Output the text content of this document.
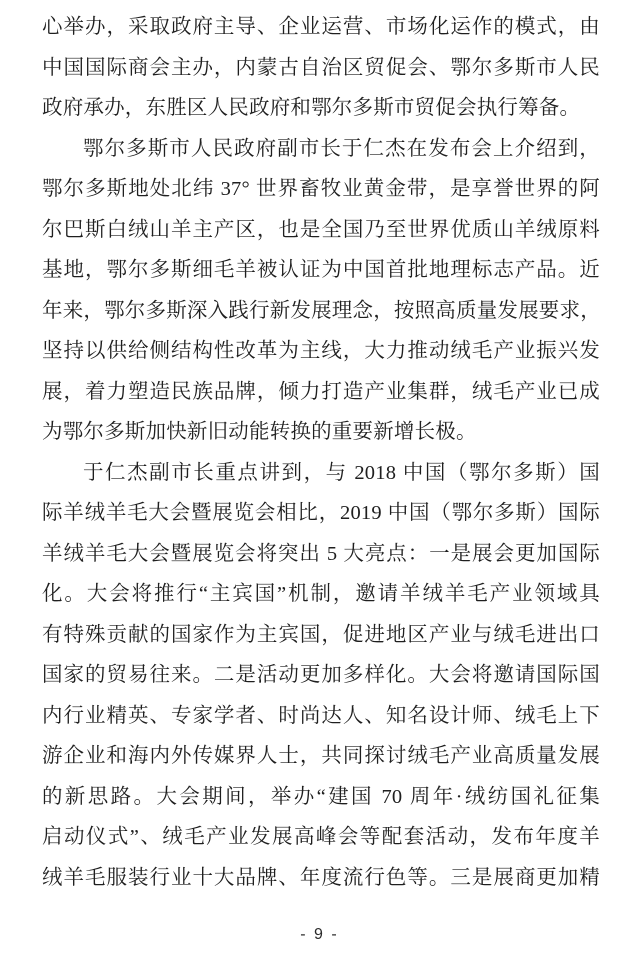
心举办，采取政府主导、企业运营、市场化运作的模式，由
中国国际商会主办，内蒙古自治区贸促会、鄂尔多斯市人民
政府承办，东胜区人民政府和鄂尔多斯市贸促会执行筹备。
鄂尔多斯市人民政府副市长于仁杰在发布会上介绍到，
鄂尔多斯地处北纬 37° 世界畜牧业黄金带，是享誉世界的阿
尔巴斯白绒山羊主产区，也是全国乃至世界优质山羊绒原料
基地，鄂尔多斯细毛羊被认证为中国首批地理标志产品。近
年来，鄂尔多斯深入践行新发展理念，按照高质量发展要求，
坚持以供给侧结构性改革为主线，大力推动绒毛产业振兴发
展，着力塑造民族品牌，倾力打造产业集群，绒毛产业已成
为鄂尔多斯加快新旧动能转换的重要新增长极。
于仁杰副市长重点讲到，与 2018 中国（鄂尔多斯）国
际羊绒羊毛大会暨展览会相比，2019 中国（鄂尔多斯）国际
羊绒羊毛大会暨展览会将突出 5 大亮点：一是展会更加国际
化。大会将推行“主宾国”机制，邀请羊绒羊毛产业领域具
有特殊贡献的国家作为主宾国，促进地区产业与绒毛进出口
国家的贸易往来。二是活动更加多样化。大会将邀请国际国
内行业精英、专家学者、时尚达人、知名设计师、绒毛上下
游企业和海内外传媒界人士，共同探讨绒毛产业高质量发展
的新思路。大会期间，举办“建国 70 周年·绒纺国礼征集
启动仪式”、绒毛产业发展高峰会等配套活动，发布年度羊
绒羊毛服装行业十大品牌、年度流行色等。三是展商更加精
- 9 -
